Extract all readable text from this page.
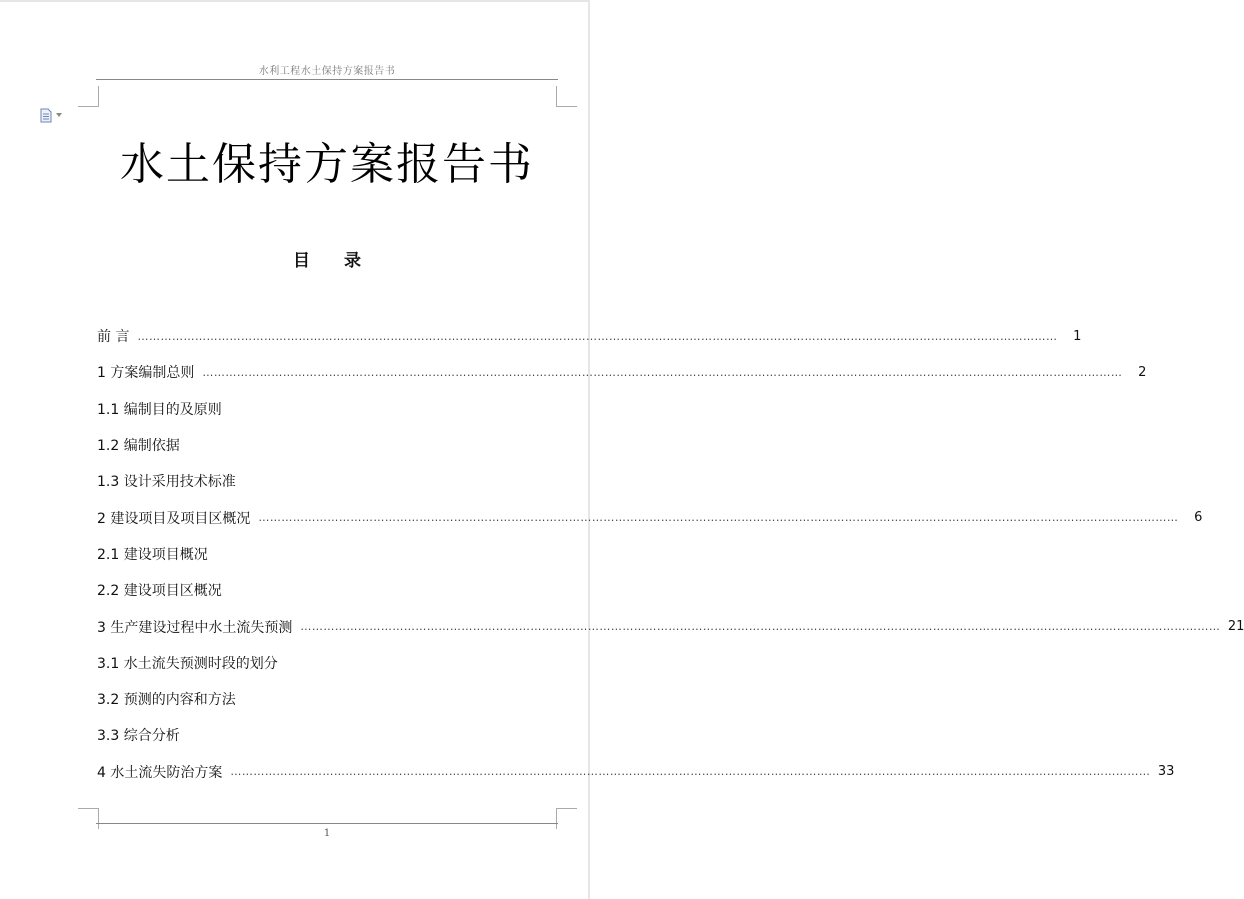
水利工程水土保持方案报告书
水土保持方案报告书
目录
前 言 ……………………………………………………………………………………………………………………………………………………………………………………………………………………	1
1 方案编制总则 ……………………………………………………………………………………………………………………………………………………………………………………………………………………	2
1.1 编制目的及原则
1.2 编制依据
1.3 设计采用技术标准
2 建设项目及项目区概况 ……………………………………………………………………………………………………………………………………………………………………………………………………………………	6
2.1 建设项目概况
2.2 建设项目区概况
3 生产建设过程中水土流失预测 …………………………………………………………………………………………………………………………………………………………………………………………………………………… 21
3.1 水土流失预测时段的划分
3.2 预测的内容和方法
3.3 综合分析
4 水土流失防治方案 …………………………………………………………………………………………………………………………………………………………………………………………………………………… 33
1
